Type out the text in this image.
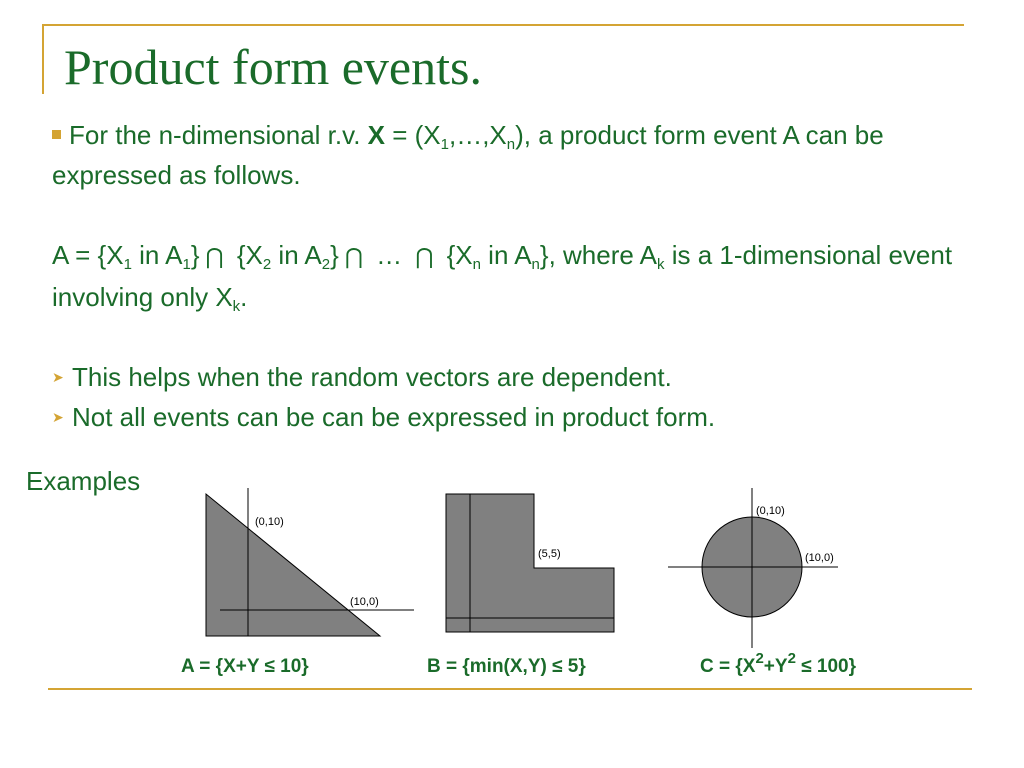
Product form events.

For the n-dimensional r.v. $X = (X_1,\dots,X_n)$, a product form event A can be expressed as follows.

$A = \{X_1$ in $A_1$} ⋂ {$X_2$ in $A_2$} ⋂ … ⋂ {$X_n$ in $A_n$}, where $A_k$ is a 1-dimensional event involving only $X_k$.

➤ This helps when the random vectors are dependent.

➤ Not all events can be can be expressed in product form.

Examples
(0,10)
(10,0)
(5,5)
(0,10)
(10,0)
A = {X+Y ≤ 10}	B = {min(X,Y) ≤ 5}	$C = \{X^2+Y^2 \le 100\}$
